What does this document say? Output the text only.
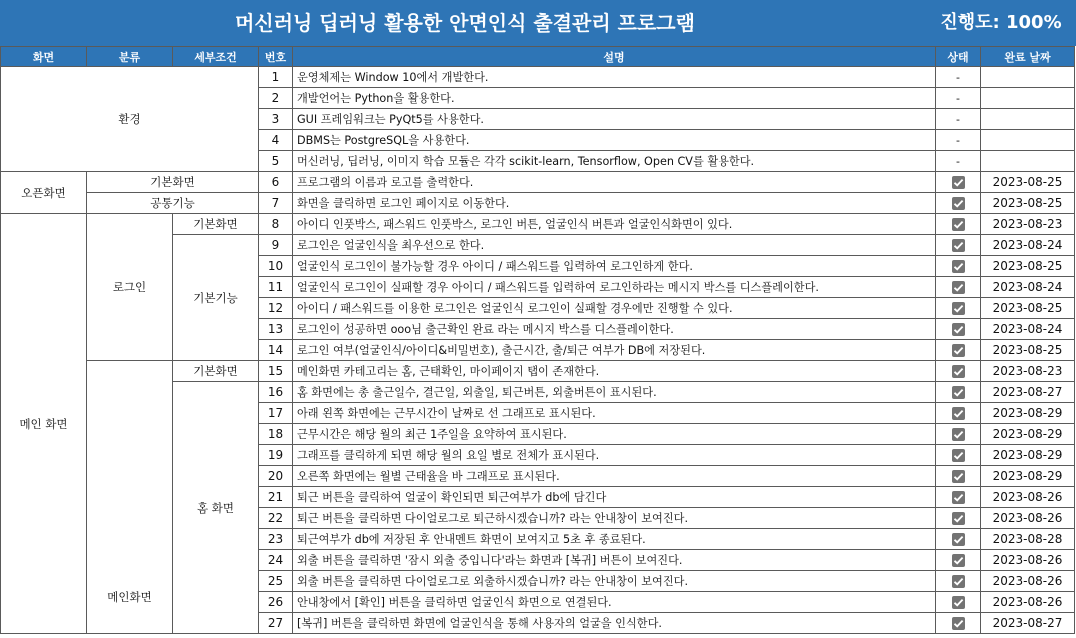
머신러닝 딥러닝 활용한 안면인식 출결관리 프로그램	진행도: 100%
화면	분류	세부조건	번호	설명	상태	완료 날짜
환경			1	운영체제는 Window 10에서 개발한다.	-	
			2	개발언어는 Python을 활용한다.	-	
			3	GUI 프레임워크는 PyQt5를 사용한다.	-	
			4	DBMS는 PostgreSQL을 사용한다.	-	
			5	머신러닝, 딥러닝, 이미지 학습 모듈은 각각 scikit-learn, Tensorflow, Open CV를 활용한다.	-	
오픈화면	기본화면		6	프로그램의 이름과 로고를 출력한다.		2023-08-25
	공통기능		7	화면을 클릭하면 로그인 페이지로 이동한다.		2023-08-25
메인 화면	로그인	기본화면	8	아이디 인풋박스, 패스워드 인풋박스, 로그인 버튼, 얼굴인식 버튼과 얼굴인식화면이 있다.		2023-08-23
		기본기능	9	로그인은 얼굴인식을 최우선으로 한다.		2023-08-24
			10	얼굴인식 로그인이 불가능할 경우 아이디 / 패스워드를 입력하여 로그인하게 한다.		2023-08-25
			11	얼굴인식 로그인이 실패할 경우 아이디 / 패스워드를 입력하여 로그인하라는 메시지 박스를 디스플레이한다.		2023-08-24
			12	아이디 / 패스워드를 이용한 로그인은 얼굴인식 로그인이 실패할 경우에만 진행할 수 있다.		2023-08-25
			13	로그인이 성공하면 ooo님 출근확인 완료 라는 메시지 박스를 디스플레이한다.		2023-08-24
			14	로그인 여부(얼굴인식/아이디&비밀번호), 출근시간, 출/퇴근 여부가 DB에 저장된다.		2023-08-25
	메인화면	기본화면	15	메인화면 카테고리는 홈, 근태확인, 마이페이지 탭이 존재한다.		2023-08-23
		홈 화면	16	홈 화면에는 총 출근일수, 결근일, 외출일, 퇴근버튼, 외출버튼이 표시된다.		2023-08-27
			17	아래 왼쪽 화면에는 근무시간이 날짜로 선 그래프로 표시된다.		2023-08-29
			18	근무시간은 해당 월의 최근 1주일을 요약하여 표시된다.		2023-08-29
			19	그래프를 클릭하게 되면 해당 월의 요일 별로 전체가 표시된다.		2023-08-29
			20	오른쪽 화면에는 월별 근태율을 바 그래프로 표시된다.		2023-08-29
			21	퇴근 버튼을 클릭하여 얼굴이 확인되면 퇴근여부가 db에 담긴다		2023-08-26
			22	퇴근 버튼을 클릭하면 다이얼로그로 퇴근하시겠습니까? 라는 안내창이 보여진다.		2023-08-26
			23	퇴근여부가 db에 저장된 후 안내멘트 화면이 보여지고 5초 후 종료된다.		2023-08-28
			24	외출 버튼을 클릭하면 '잠시 외출 중입니다'라는 화면과 [복귀] 버튼이 보여진다.		2023-08-26
			25	외출 버튼을 클릭하면 다이얼로그로 외출하시겠습니까? 라는 안내창이 보여진다.		2023-08-26
			26	안내창에서 [확인] 버튼을 클릭하면 얼굴인식 화면으로 연결된다.		2023-08-26
			27	[복귀] 버튼을 클릭하면 화면에 얼굴인식을 통해 사용자의 얼굴을 인식한다.		2023-08-27
